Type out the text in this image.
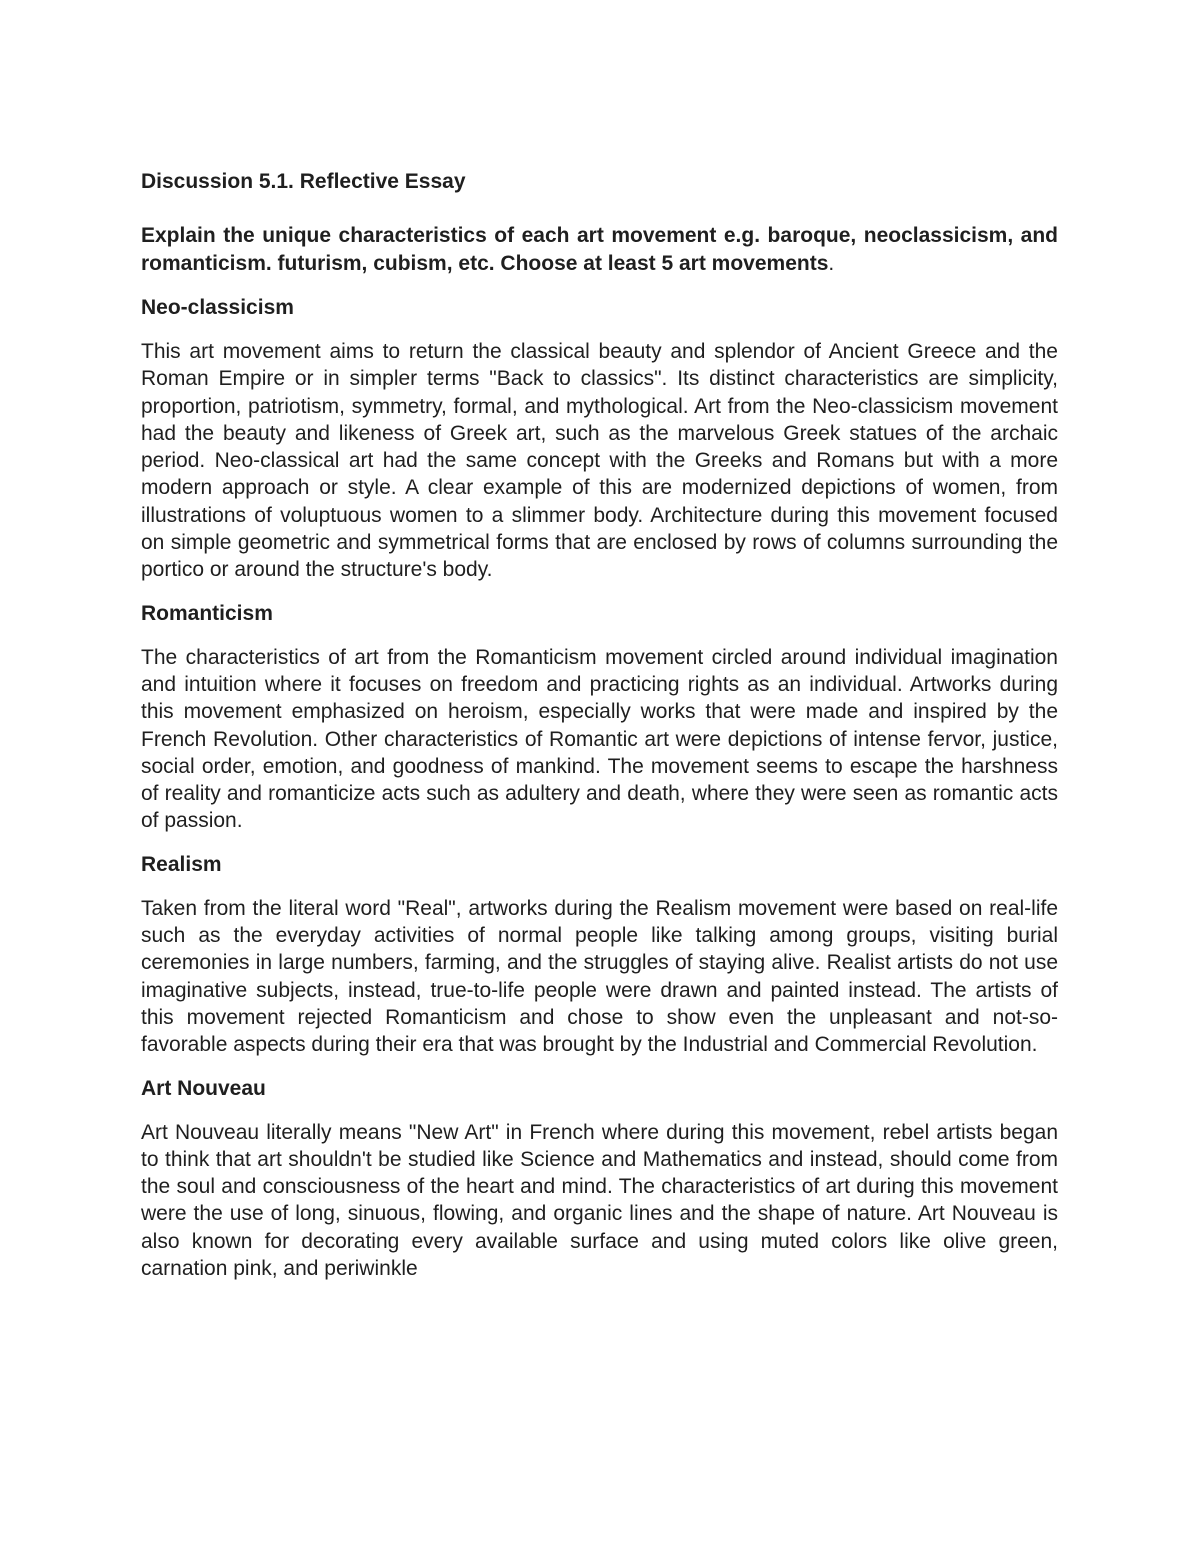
Discussion 5.1. Reflective Essay
Explain the unique characteristics of each art movement e.g. baroque, neoclassicism, and romanticism. futurism, cubism, etc. Choose at least 5 art movements.
Neo-classicism
This art movement aims to return the classical beauty and splendor of Ancient Greece and the Roman Empire or in simpler terms "Back to classics". Its distinct characteristics are simplicity, proportion, patriotism, symmetry, formal, and mythological. Art from the Neo-classicism movement had the beauty and likeness of Greek art, such as the marvelous Greek statues of the archaic period. Neo-classical art had the same concept with the Greeks and Romans but with a more modern approach or style. A clear example of this are modernized depictions of women, from illustrations of voluptuous women to a slimmer body. Architecture during this movement focused on simple geometric and symmetrical forms that are enclosed by rows of columns surrounding the portico or around the structure's body.
Romanticism
The characteristics of art from the Romanticism movement circled around individual imagination and intuition where it focuses on freedom and practicing rights as an individual. Artworks during this movement emphasized on heroism, especially works that were made and inspired by the French Revolution. Other characteristics of Romantic art were depictions of intense fervor, justice, social order, emotion, and goodness of mankind. The movement seems to escape the harshness of reality and romanticize acts such as adultery and death, where they were seen as romantic acts of passion.
Realism
Taken from the literal word "Real", artworks during the Realism movement were based on real-life such as the everyday activities of normal people like talking among groups, visiting burial ceremonies in large numbers, farming, and the struggles of staying alive. Realist artists do not use imaginative subjects, instead, true-to-life people were drawn and painted instead. The artists of this movement rejected Romanticism and chose to show even the unpleasant and not-so-favorable aspects during their era that was brought by the Industrial and Commercial Revolution.
Art Nouveau
Art Nouveau literally means "New Art" in French where during this movement, rebel artists began to think that art shouldn't be studied like Science and Mathematics and instead, should come from the soul and consciousness of the heart and mind. The characteristics of art during this movement were the use of long, sinuous, flowing, and organic lines and the shape of nature. Art Nouveau is also known for decorating every available surface and using muted colors like olive green, carnation pink, and periwinkle
